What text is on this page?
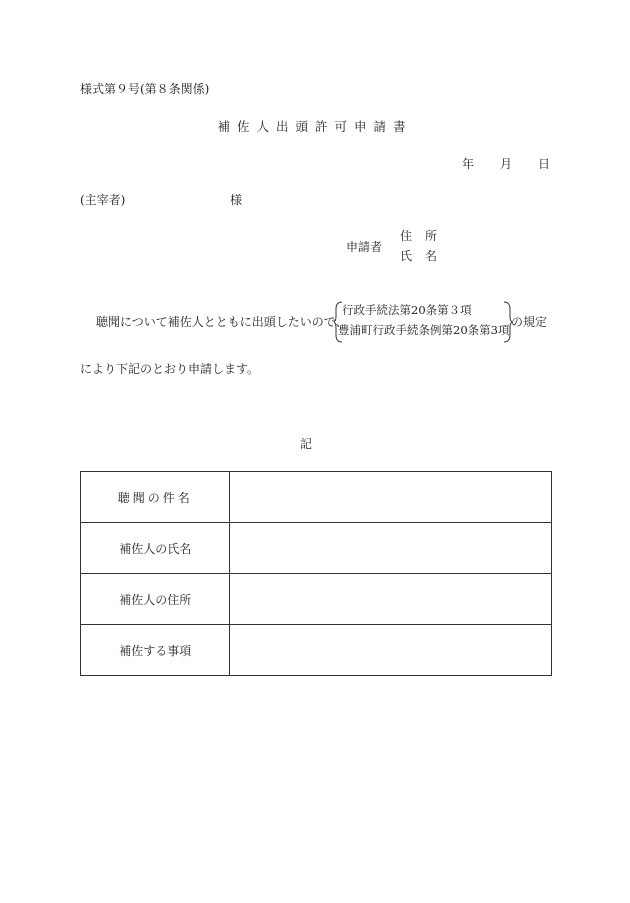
様式第９号(第８条関係)
補佐人出頭許可申請書
年 月 日
(主宰者)	様
申請者
住所
氏名
聴聞について補佐人とともに出頭したいので、
行政手続法第20条第３項
豊浦町行政手続条例第20条第3項
の規定
により下記のとおり申請します。
記
聴聞の件名	
補佐人の氏名	
補佐人の住所	
補佐する事項	
